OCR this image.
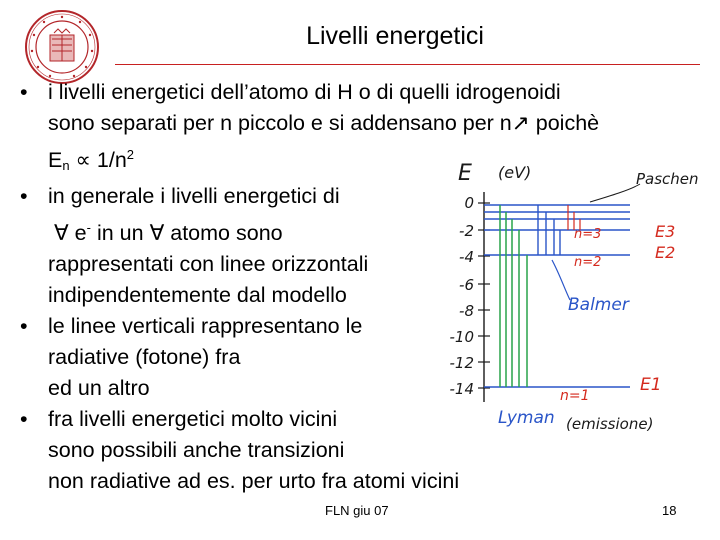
Livelli energetici
• i livelli energetici dell’atomo di H o di quelli idrogenoidi
sono separati per n piccolo e si addensano per n↗ poichè
$E_n \propto 1/n^2$
• in generale i livelli energetici di
∀ e- in un ∀ atomo sono
rappresentati con linee orizzontali
indipendentemente dal modello
• le linee verticali rappresentano le
radiative (fotone) fra
ed un altro
• fra livelli energetici molto vicini
sono possibili anche transizioni
non radiative ad es. per urto fra atomi vicini
E (eV)
0
-2
-4
-6
-8
-10
-12
-14
Paschen
Balmer
n=3
n=2
n=1
E3
E2
E1
Lyman (emissione)
FLN giu 07	18
